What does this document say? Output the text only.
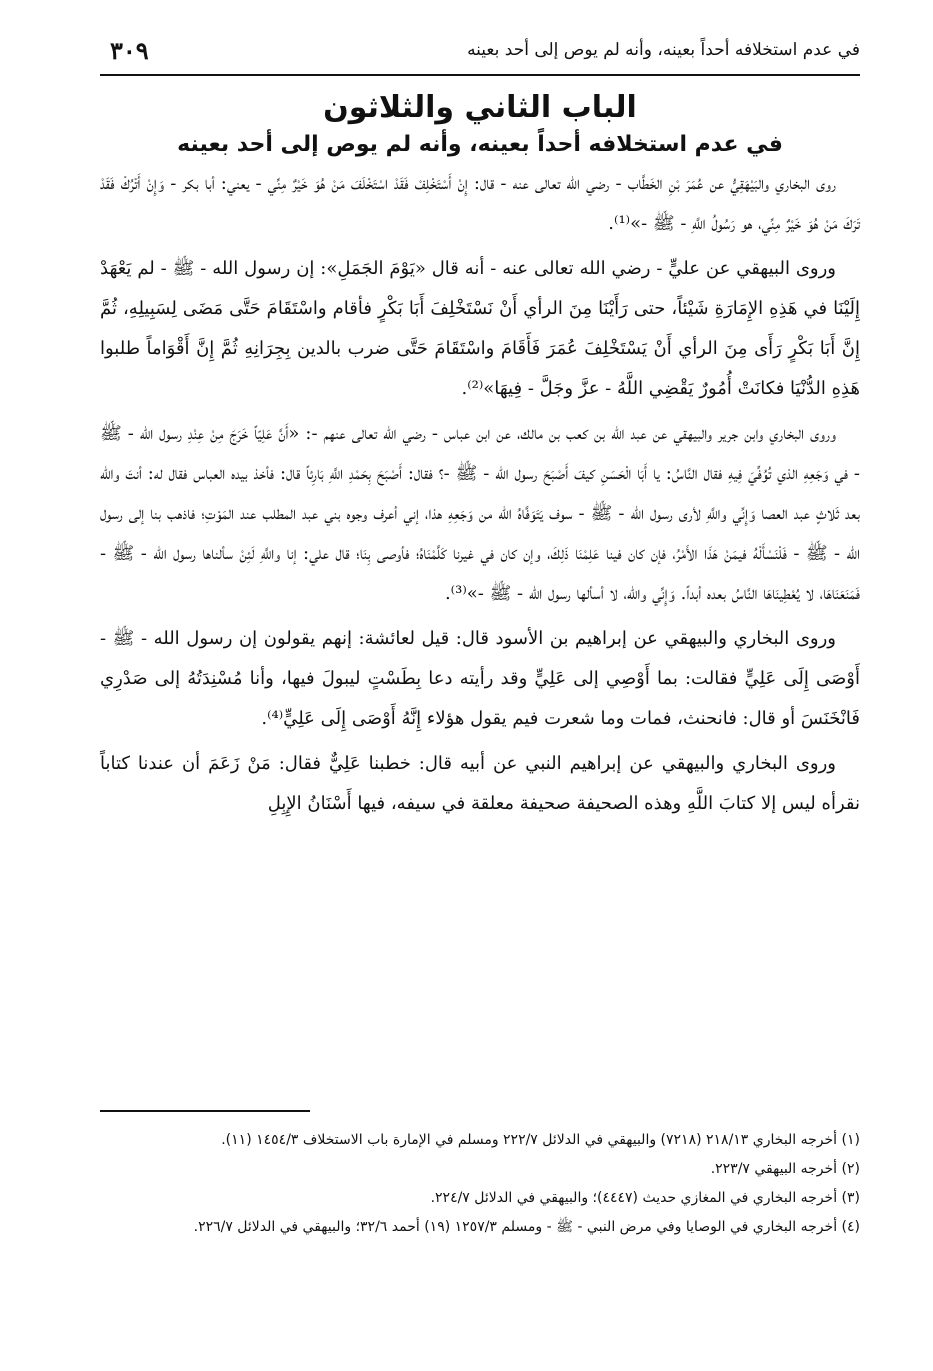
في عدم استخلافه أحداً بعينه، وأنه لم يوص إلى أحد بعينه
٣٠٩
الباب الثاني والثلاثون
في عدم استخلافه أحداً بعينه، وأنه لم يوص إلى أحد بعينه

روى البخاري والبَيْهَقِيُّ عن عُمَرَ بْنِ الخَطَّاب - رضي الله تعالى عنه - قال: إِنْ أَسْتَخْلِفْ فَقَدْ اسْتَخْلَفَ مَنْ هُوَ خَيْرٌ مِنِّي - يعني: أبا بكر - وَإِنْ أَتْرُكْ فَقَدْ تَرَكَ مَنْ هُوَ خَيْرٌ مِنِّي، هو رَسُولُ اللَّهِ - ﷺ -»⁽¹⁾.

وروى البيهقي عن عليٍّ - رضي الله تعالى عنه - أنه قال «يَوْمَ الجَمَلِ»: إن رسول الله - ﷺ - لم يَعْهَدْ إِلَيْنَا في هَذِهِ الإِمَارَةِ شَيْئاً، حتى رَأَيْنَا مِنَ الرأي أَنْ نَسْتَخْلِفَ أَبَا بَكْرٍ فأقام واسْتَقَامَ حَتَّى مَضَى لِسَبِيلِهِ، ثُمَّ إِنَّ أَبَا بَكْرٍ رَأَى مِنَ الرأي أَنْ يَسْتَخْلِفَ عُمَرَ فَأَقَامَ واسْتَقَامَ حَتَّى ضرب بالدين بِجِرَانِهِ ثُمَّ إِنَّ أَقْوَاماً طلبوا هَذِهِ الدُّنْيَا فكانَتْ أُمُورٌ يَقْضِي اللَّهُ - عزَّ وجَلَّ - فِيهَا»⁽²⁾.

وروى البخاري وابن جرير والبيهقي عن عبد الله بن كعب بن مالك، عن ابن عباس - رضي الله تعالى عنهم -: «أَنَّ عَلِيّاً خَرَجَ مِنْ عِنْدِ رسول الله - ﷺ - في وَجَعِهِ الذي تُوُفِّيَ فِيهِ فقال النَّاسُ: يا أَبَا الْحَسَنِ كيفَ أَصْبَحَ رسول الله - ﷺ -؟ فقال: أَصْبَحَ بِحَمْدِ اللَّهِ بَارِئاً قال: فأخذ بيده العباس فقال له: أنتَ والله بعد ثَلاثٍ عبد العصا وَإِنِّي واللَّهِ لأرى رسول الله - ﷺ - سوف يَتَوَفَّاهُ الله من وَجَعِهِ هذا، إني أعرف وجوه بني عبد المطلب عند المَوْتِ؛ فاذهب بنا إلى رسول الله - ﷺ - فَلْنَسْأَلْهُ فيمَنْ هَذَا الأَمْرُ، فإن كان فينا عَلِمْنَا ذَلِكَ، وإن كان في غيرنا كَلَّمْنَاهُ؛ فأوصى بِنَا؛ قال علي: إنا واللَّهِ لَئِنْ سألناها رسول الله - ﷺ - فَمَنَعَنَاهَا، لا يُعْطِينَاهَا النَّاسُ بعده أبداً. وَإِنِّي والله، لا أسألها رسول الله - ﷺ -»⁽³⁾.

وروى البخاري والبيهقي عن إبراهيم بن الأسود قال: قيل لعائشة: إنهم يقولون إن رسول الله - ﷺ - أَوْصَى إِلَى عَلِيٍّ فقالت: بما أَوْصِي إلى عَلِيٍّ وقد رأيته دعا بِطَسْتٍ ليبولَ فيها، وأنا مُسْنِدَتُهُ إلى صَدْرِي فَانْخَنَسَ أو قال: فانحنث، فمات وما شعرت فيم يقول هؤلاء إِنَّهُ أَوْصَى إِلَى عَلِيٍّ⁽⁴⁾.

وروى البخاري والبيهقي عن إبراهيم النبي عن أبيه قال: خطبنا عَلِيٌّ فقال: مَنْ زَعَمَ أن عندنا كتاباً نقرأه ليس إلا كتابَ اللَّهِ وهذه الصحيفة صحيفة معلقة في سيفه، فيها أَسْنَانُ الإِبِلِ

(١) أخرجه البخاري ٢١٨/١٣ (٧٢١٨) والبيهقي في الدلائل ٢٢٢/٧ ومسلم في الإمارة باب الاستخلاف ١٤٥٤/٣ (١١).

(٢) أخرجه البيهقي ٢٢٣/٧.

(٣) أخرجه البخاري في المغازي حديث (٤٤٤٧)؛ والبيهقي في الدلائل ٢٢٤/٧.

(٤) أخرجه البخاري في الوصايا وفي مرض النبي - ﷺ - ومسلم ١٢٥٧/٣ (١٩) أحمد ٣٢/٦؛ والبيهقي في الدلائل ٢٢٦/٧.
